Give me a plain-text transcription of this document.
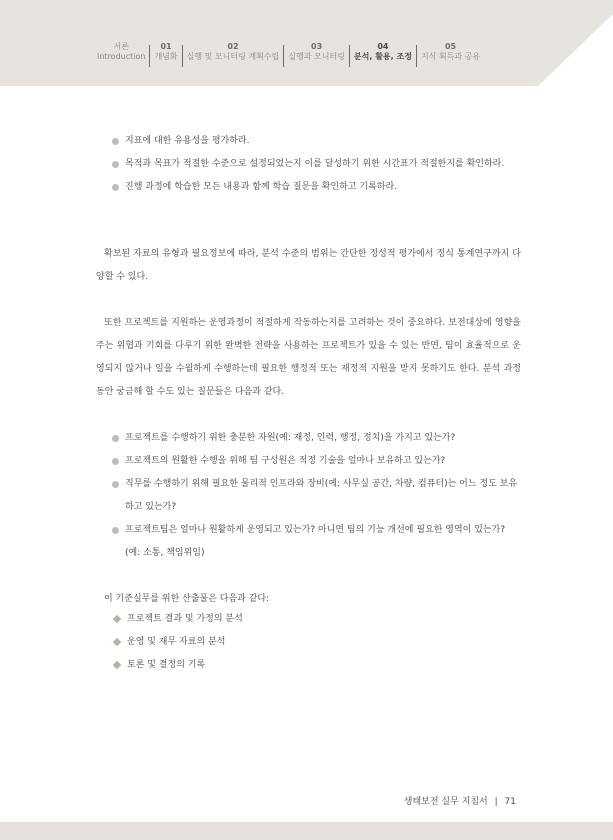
서론
Introduction
01
개념화
02
실행 및 모니터링 계획수립
03
실행과 모니터링
04
분석, 활용, 조정
05
지식 획득과 공유
지표에 대한 유용성을 평가하라.
목적과 목표가 적절한 수준으로 설정되었는지 이를 달성하기 위한 시간표가 적절한지를 확인하라.
진행 과정에 학습한 모든 내용과 함께 학습 질문을 확인하고 기록하라.
확보된 자료의 유형과 필요정보에 따라, 분석 수준의 범위는 간단한 정성적 평가에서 정식 통계연구까지 다양할 수 있다.
또한 프로젝트를 지원하는 운영과정이 적절하게 작동하는지를 고려하는 것이 중요하다. 보전대상에 영향을 주는 위협과 기회를 다루기 위한 완벽한 전략을 사용하는 프로젝트가 있을 수 있는 반면, 팀이 효율적으로 운영되지 않거나 일을 수월하게 수행하는데 필요한 행정적 또는 재정적 지원을 받지 못하기도 한다. 분석 과정 동안 궁금해 할 수도 있는 질문들은 다음과 같다.
프로젝트를 수행하기 위한 충분한 자원(예: 재정, 인력, 행정, 정치)을 가지고 있는가?
프로젝트의 원활한 수행을 위해 팀 구성원은 적정 기술을 얼마나 보유하고 있는가?
직무를 수행하기 위해 필요한 물리적 인프라와 장비(예: 사무실 공간, 차량, 컴퓨터)는 어느 정도 보유하고 있는가?
프로젝트팀은 얼마나 원활하게 운영되고 있는가? 아니면 팀의 기능 개선에 필요한 영역이 있는가?(예: 소통, 책임위임)
이 기준실무를 위한 산출물은 다음과 같다:
프로젝트 결과 및 가정의 분석
운영 및 재무 자료의 분석
토론 및 결정의 기록
생태보전 실무 지침서 | 71
